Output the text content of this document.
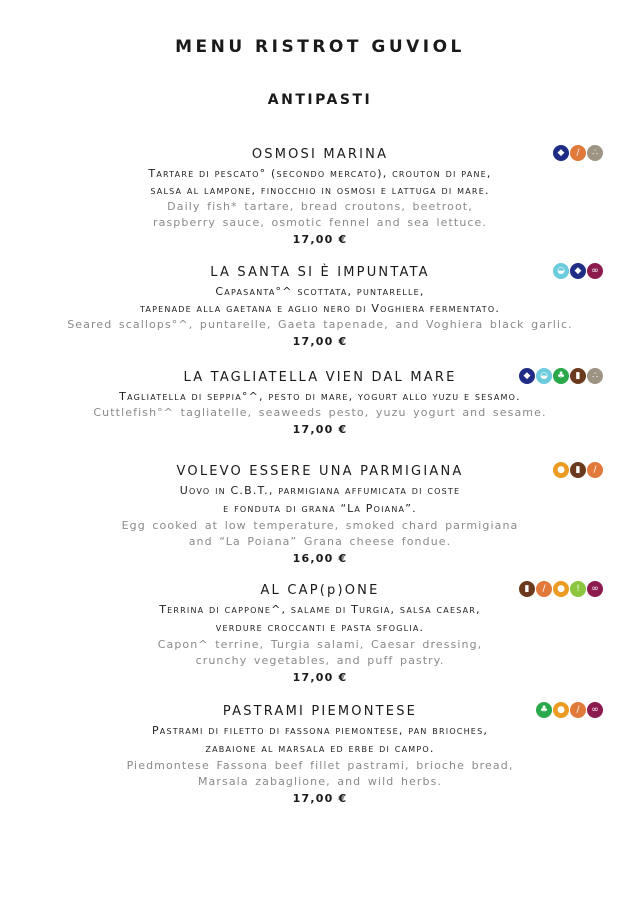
MENU RISTROT GUVIOL
ANTIPASTI
OSMOSI MARINA
Tartare di pescato° (secondo mercato), crouton di pane,
salsa al lampone, finocchio in osmosi e lattuga di mare.
Daily fish* tartare, bread croutons, beetroot,
raspberry sauce, osmotic fennel and sea lettuce.
17,00 €
◆	/	∴
LA SANTA SI È IMPUNTATA
Capasanta°^ scottata, puntarelle,
tapenade alla gaetana e aglio nero di Voghiera fermentato.
Seared scallops°^, puntarelle, Gaeta tapenade, and Voghiera black garlic.
17,00 €
◒	◆	∞
LA TAGLIATELLA VIEN DAL MARE
Tagliatella di seppia°^, pesto di mare, yogurt allo yuzu e sesamo.
Cuttlefish°^ tagliatelle, seaweeds pesto, yuzu yogurt and sesame.
17,00 €
◆	◒	♣	▮	∴
VOLEVO ESSERE UNA PARMIGIANA
Uovo in C.B.T., parmigiana affumicata di coste
e fonduta di grana “La Poiana”.
Egg cooked at low temperature, smoked chard parmigiana
and “La Poiana” Grana cheese fondue.
16,00 €
●	▮	/
AL CAP(p)ONE
Terrina di cappone^, salame di Turgia, salsa caesar,
verdure croccanti e pasta sfoglia.
Capon^ terrine, Turgia salami, Caesar dressing,
crunchy vegetables, and puff pastry.
17,00 €
▮	/	●	!	∞
PASTRAMI PIEMONTESE
Pastrami di filetto di fassona piemontese, pan brioches,
zabaione al marsala ed erbe di campo.
Piedmontese Fassona beef fillet pastrami, brioche bread,
Marsala zabaglione, and wild herbs.
17,00 €
♣	●	/	∞
